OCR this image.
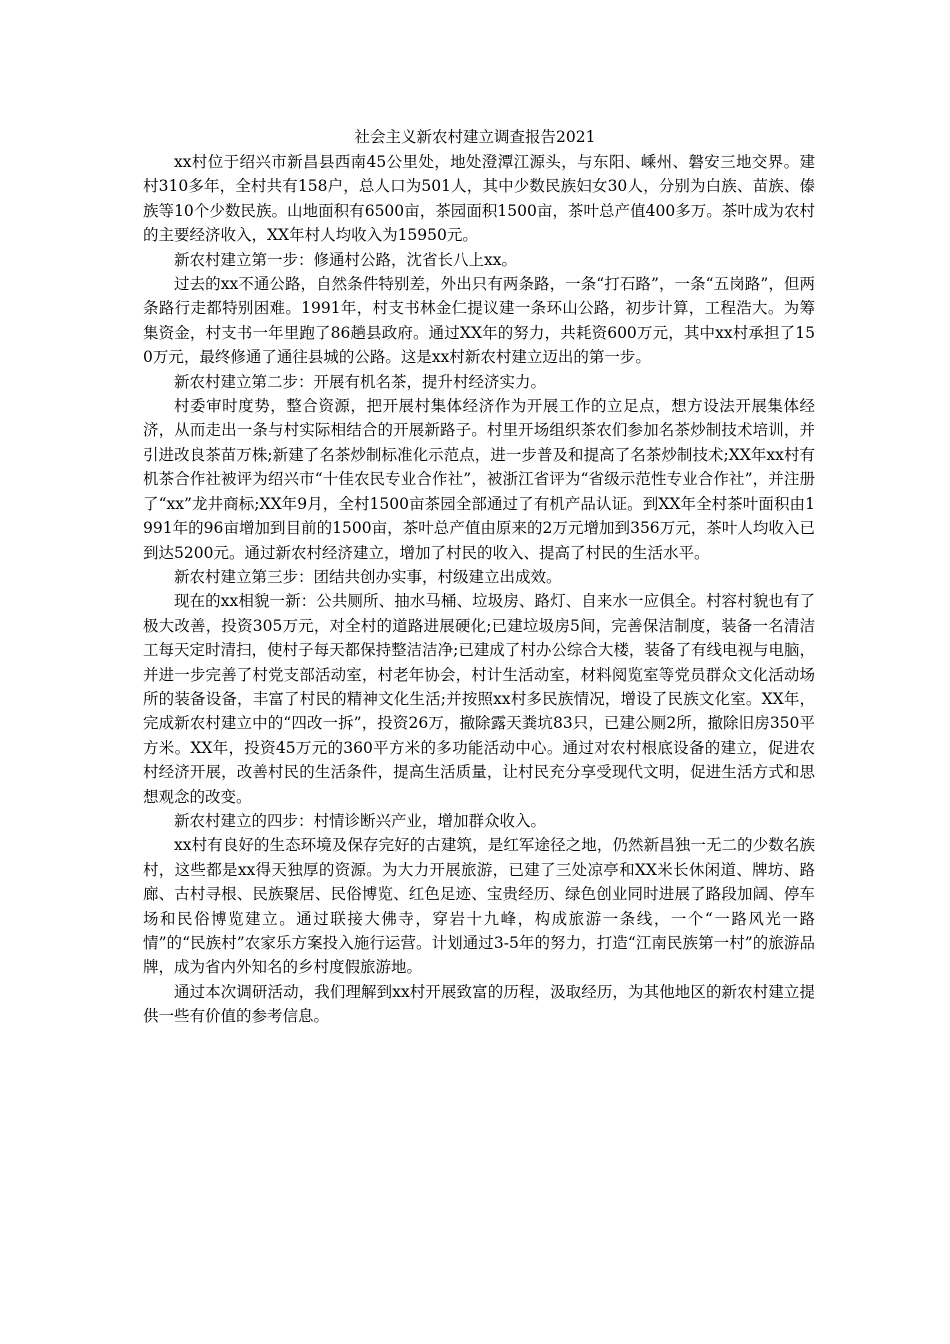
社会主义新农村建立调查报告2021

xx村位于绍兴市新昌县西南45公里处，地处澄潭江源头，与东阳、嵊州、磐安三地交界。建村310多年，全村共有158户，总人口为501人，其中少数民族妇女30人，分别为白族、苗族、傣族等10个少数民族。山地面积有6500亩，茶园面积1500亩，茶叶总产值400多万。茶叶成为农村的主要经济收入，XX年村人均收入为15950元。

新农村建立第一步：修通村公路，沈省长八上xx。

过去的xx不通公路，自然条件特别差，外出只有两条路，一条“打石路”，一条“五岗路”，但两条路行走都特别困难。1991年，村支书林金仁提议建一条环山公路，初步计算，工程浩大。为筹集资金，村支书一年里跑了86趟县政府。通过XX年的努力，共耗资600万元，其中xx村承担了150万元，最终修通了通往县城的公路。这是xx村新农村建立迈出的第一步。

新农村建立第二步：开展有机名茶，提升村经济实力。

村委审时度势，整合资源，把开展村集体经济作为开展工作的立足点，想方设法开展集体经济，从而走出一条与村实际相结合的开展新路子。村里开场组织茶农们参加名茶炒制技术培训，并引进改良茶苗万株;新建了名茶炒制标准化示范点，进一步普及和提高了名茶炒制技术;XX年xx村有机茶合作社被评为绍兴市“十佳农民专业合作社”，被浙江省评为“省级示范性专业合作社”，并注册了“xx”龙井商标;XX年9月，全村1500亩茶园全部通过了有机产品认证。到XX年全村茶叶面积由1991年的96亩增加到目前的1500亩，茶叶总产值由原来的2万元增加到356万元，茶叶人均收入已到达5200元。通过新农村经济建立，增加了村民的收入、提高了村民的生活水平。

新农村建立第三步：团结共创办实事，村级建立出成效。

现在的xx相貌一新：公共厕所、抽水马桶、垃圾房、路灯、自来水一应俱全。村容村貌也有了极大改善，投资305万元，对全村的道路进展硬化;已建垃圾房5间，完善保洁制度，装备一名清洁工每天定时清扫，使村子每天都保持整洁洁净;已建成了村办公综合大楼，装备了有线电视与电脑，并进一步完善了村党支部活动室，村老年协会，村计生活动室，材料阅览室等党员群众文化活动场所的装备设备，丰富了村民的精神文化生活;并按照xx村多民族情况，增设了民族文化室。XX年，完成新农村建立中的“四改一拆”，投资26万，撤除露天粪坑83只，已建公厕2所，撤除旧房350平方米。XX年，投资45万元的360平方米的多功能活动中心。通过对农村根底设备的建立，促进农村经济开展，改善村民的生活条件，提高生活质量，让村民充分享受现代文明，促进生活方式和思想观念的改变。

新农村建立的四步：村情诊断兴产业，增加群众收入。

xx村有良好的生态环境及保存完好的古建筑，是红军途径之地，仍然新昌独一无二的少数名族村，这些都是xx得天独厚的资源。为大力开展旅游，已建了三处凉亭和XX米长休闲道、牌坊、路廊、古村寻根、民族聚居、民俗博览、红色足迹、宝贵经历、绿色创业同时进展了路段加阔、停车场和民俗博览建立。通过联接大佛寺，穿岩十九峰，构成旅游一条线，一个“一路风光一路情”的“民族村”农家乐方案投入施行运营。计划通过3-5年的努力，打造“江南民族第一村”的旅游品牌，成为省内外知名的乡村度假旅游地。

通过本次调研活动，我们理解到xx村开展致富的历程，汲取经历，为其他地区的新农村建立提供一些有价值的参考信息。
